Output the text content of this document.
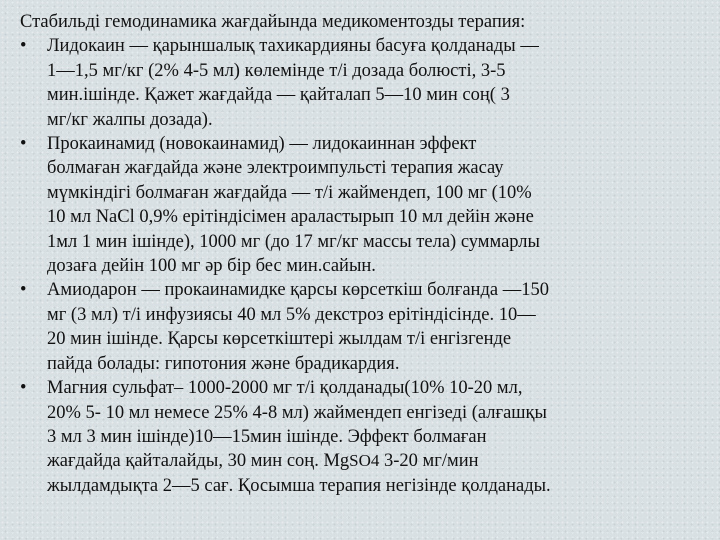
Стабильді гемодинамика жағдайында медикоментозды терапия:

• Лидокаин — қарыншалық тахикардияны басуға қолданады —
1—1,5 мг/кг (2% 4-5 мл) көлемінде т/і дозада болюсті, 3-5
мин.ішінде. Қажет жағдайда — қайталап 5—10 мин соң( 3
мг/кг жалпы дозада).
• Прокаинамид (новокаинамид) — лидокаиннан эффект
болмаған жағдайда және электроимпульсті терапия жасау
мүмкіндігі болмаған жағдайда — т/і жаймендеп, 100 мг (10%
10 мл NaCl 0,9% ерітіндісімен араластырып 10 мл дейін және
1мл 1 мин ішінде), 1000 мг (до 17 мг/кг массы тела) суммарлы
дозаға дейін 100 мг әр бір бес мин.сайын.
• Амиодарон — прокаинамидке қарсы көрсеткіш болғанда —150
мг (3 мл) т/і инфузиясы 40 мл 5% декстроз ерітіндісінде. 10—
20 мин ішінде. Қарсы көрсеткіштері жылдам т/і енгізгенде
пайда болады: гипотония және брадикардия.
• Магния сульфат– 1000-2000 мг т/і қолданады(10% 10-20 мл,
20% 5- 10 мл немесе 25% 4-8 мл) жаймендеп енгізеді (алғашқы
3 мл 3 мин ішінде)10—15мин ішінде. Эффект болмаған
жағдайда қайталайды, 30 мин соң. MgSO4 3-20 мг/мин
жылдамдықта 2—5 сағ. Қосымша терапия негізінде қолданады.
